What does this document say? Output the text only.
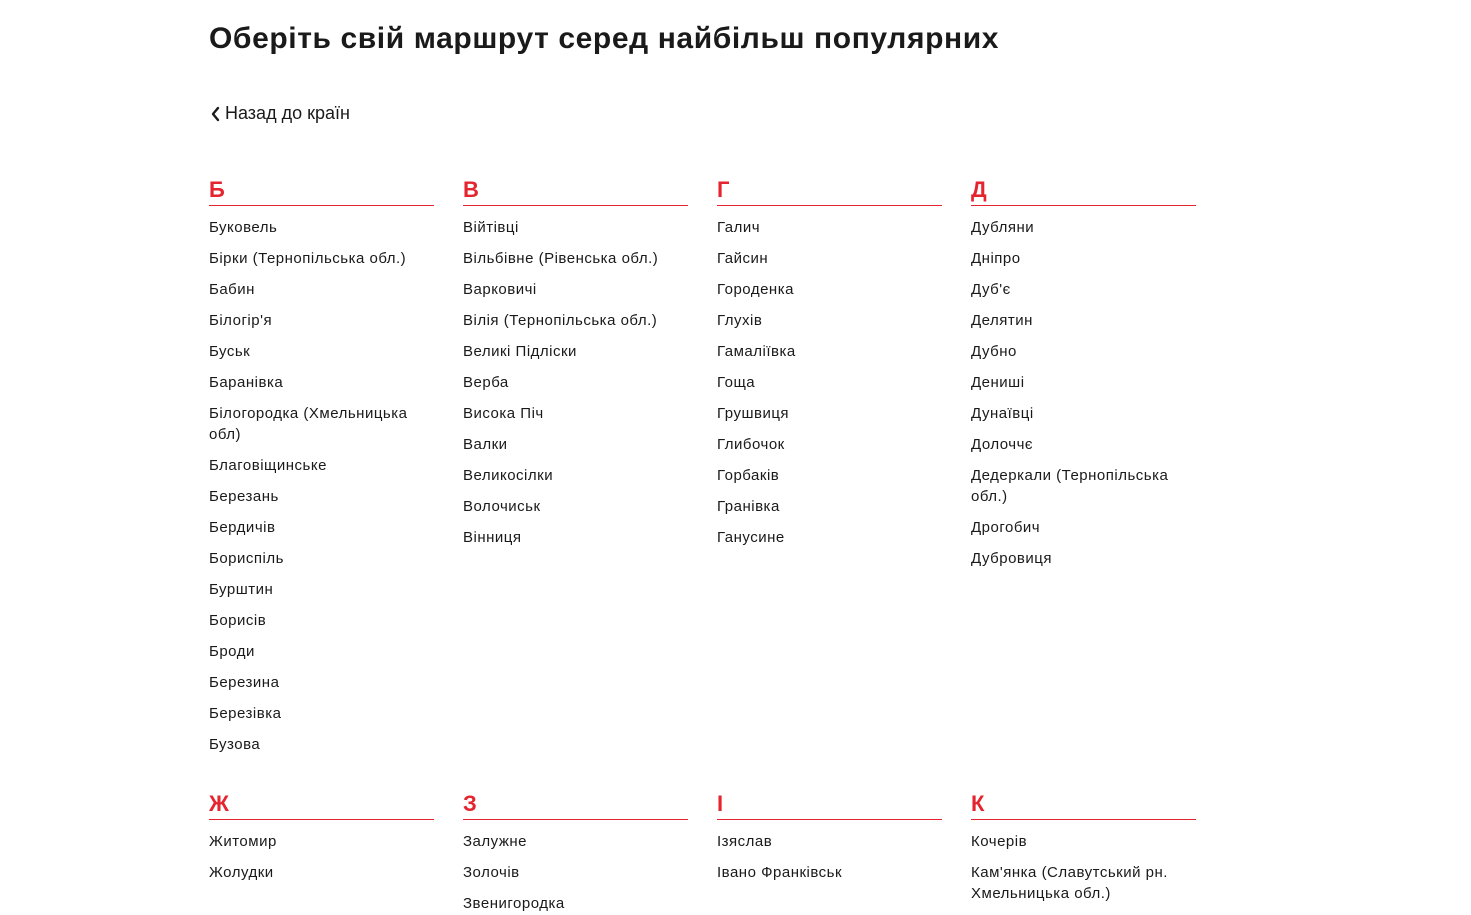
Оберіть свій маршрут серед найбільш популярних
Назад до країн
Б
Буковель
Бірки (Тернопільська обл.)
Бабин
Білогір'я
Буськ
Баранівка
Білогородка (Хмельницька обл)
Благовіщинське
Березань
Бердичів
Бориспіль
Бурштин
Борисів
Броди
Березина
Березівка
Бузова
В
Війтівці
Вільбівне (Рівенська обл.)
Варковичі
Вілія (Тернопільська обл.)
Великі Підліски
Верба
Висока Піч
Валки
Великосілки
Волочиськ
Вінниця
Г
Галич
Гайсин
Городенка
Глухів
Гамаліївка
Гоща
Грушвиця
Глибочок
Горбаків
Гранівка
Ганусине
Д
Дубляни
Дніпро
Дуб'є
Делятин
Дубно
Дениші
Дунаївці
Долоччє
Дедеркали (Тернопільська обл.)
Дрогобич
Дубровиця
Ж
Житомир
Жолудки
З
Залужне
Золочів
Звенигородка
І
Ізяслав
Івано Франківськ
К
Кочерів
Кам'янка (Славутський рн. Хмельницька обл.)
